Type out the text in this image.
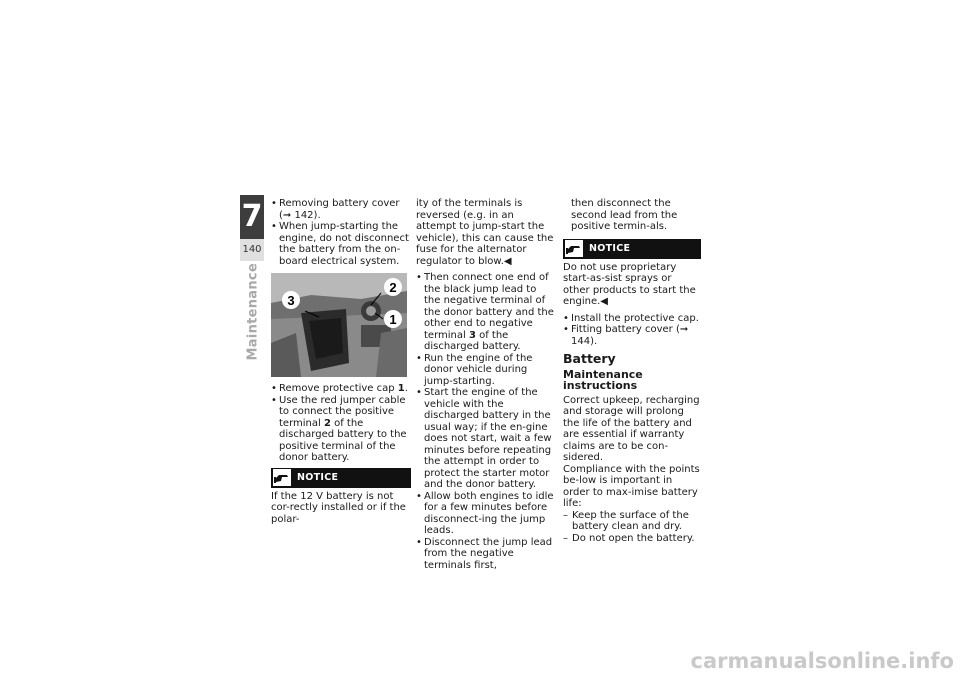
7
140
Maintenance
• Removing battery cover (➞ 142).
• When jump-starting the engine, do not disconnect the battery from the on-board electrical system.
3
2
1
• Remove protective cap 1.
• Use the red jumper cable to connect the positive terminal 2 of the discharged battery to the positive terminal of the donor battery.
NOTICE

If the 12 V battery is not cor-rectly installed or if the polar-

ity of the terminals is reversed (e.g. in an attempt to jump-start the vehicle), this can cause the fuse for the alternator regulator to blow.◀

• Then connect one end of the black jump lead to the negative terminal of the donor battery and the other end to negative terminal 3 of the discharged battery.
• Run the engine of the donor vehicle during jump-starting.
• Start the engine of the vehicle with the discharged battery in the usual way; if the en-gine does not start, wait a few minutes before repeating the attempt in order to protect the starter motor and the donor battery.
• Allow both engines to idle for a few minutes before disconnect-ing the jump leads.
• Disconnect the jump lead from the negative terminals first,

then disconnect the second lead from the positive termin-als.

NOTICE

Do not use proprietary start-as-sist sprays or other products to start the engine.◀

• Install the protective cap.
• Fitting battery cover (➞ 144).
Battery
Maintenance instructions

Correct upkeep, recharging and storage will prolong the life of the battery and are essential if warranty claims are to be con-sidered.

Compliance with the points be-low is important in order to max-imise battery life:

– Keep the surface of the battery clean and dry.
– Do not open the battery.
carmanualsonline.info
